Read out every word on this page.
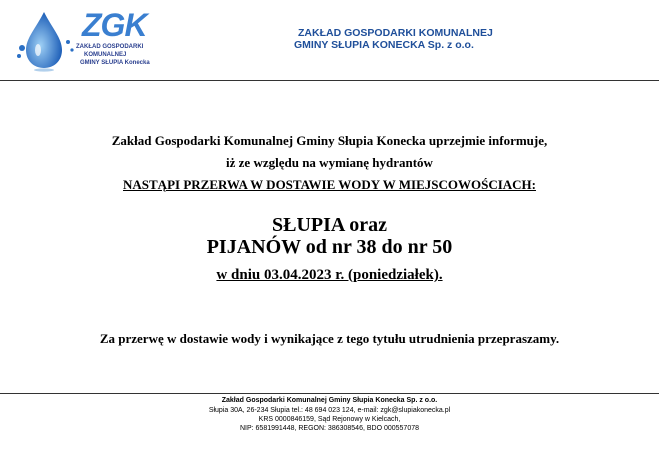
ZGK
ZAKŁAD GOSPODARKI
KOMUNALNEJ
GMINY SŁUPIA Konecka
ZAKŁAD GOSPODARKI KOMUNALNEJ
GMINY SŁUPIA KONECKA Sp. z o.o.
Zakład Gospodarki Komunalnej Gminy Słupia Konecka uprzejmie informuje,
iż ze względu na wymianę hydrantów
NASTĄPI PRZERWA W DOSTAWIE WODY W MIEJSCOWOŚCIACH:
SŁUPIA oraz
PIJANÓW od nr 38 do nr 50
w dniu 03.04.2023 r. (poniedziałek).
Za przerwę w dostawie wody i wynikające z tego tytułu utrudnienia przepraszamy.
Zakład Gospodarki Komunalnej Gminy Słupia Konecka Sp. z o.o.
Słupia 30A, 26-234 Słupia tel.: 48 694 023 124, e-mail: zgk@slupiakonecka.pl
KRS 0000846159, Sąd Rejonowy w Kielcach,
NIP: 6581991448, REGON: 386308546, BDO 000557078
